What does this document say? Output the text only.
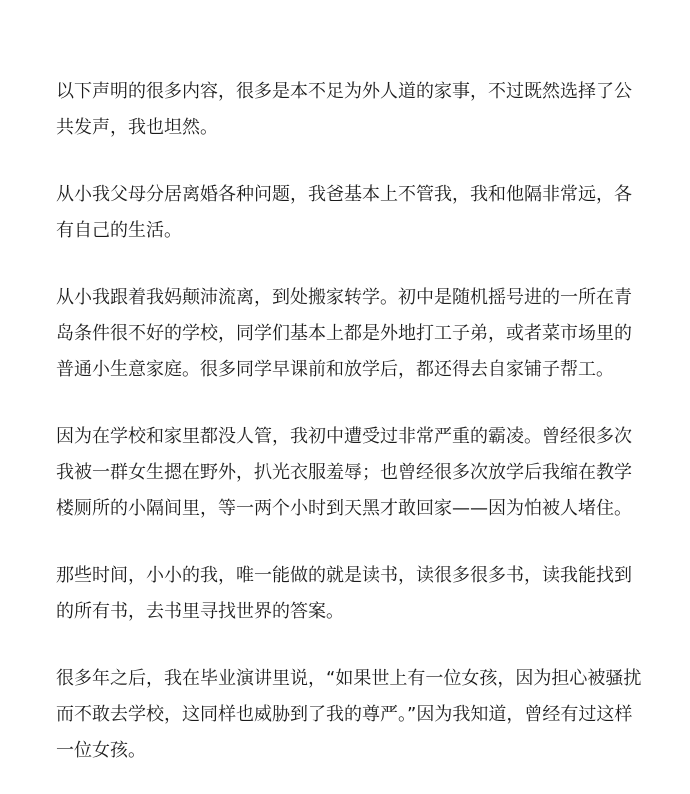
以下声明的很多内容，很多是本不足为外人道的家事，不过既然选择了公共发声，我也坦然。

从小我父母分居离婚各种问题，我爸基本上不管我，我和他隔非常远，各有自己的生活。

从小我跟着我妈颠沛流离，到处搬家转学。初中是随机摇号进的一所在青岛条件很不好的学校，同学们基本上都是外地打工子弟，或者菜市场里的普通小生意家庭。很多同学早课前和放学后，都还得去自家铺子帮工。

因为在学校和家里都没人管，我初中遭受过非常严重的霸凌。曾经很多次我被一群女生摁在野外，扒光衣服羞辱；也曾经很多次放学后我缩在教学楼厕所的小隔间里，等一两个小时到天黑才敢回家——因为怕被人堵住。

那些时间，小小的我，唯一能做的就是读书，读很多很多书，读我能找到的所有书，去书里寻找世界的答案。

很多年之后，我在毕业演讲里说，“如果世上有一位女孩，因为担心被骚扰而不敢去学校，这同样也威胁到了我的尊严。”因为我知道，曾经有过这样一位女孩。
